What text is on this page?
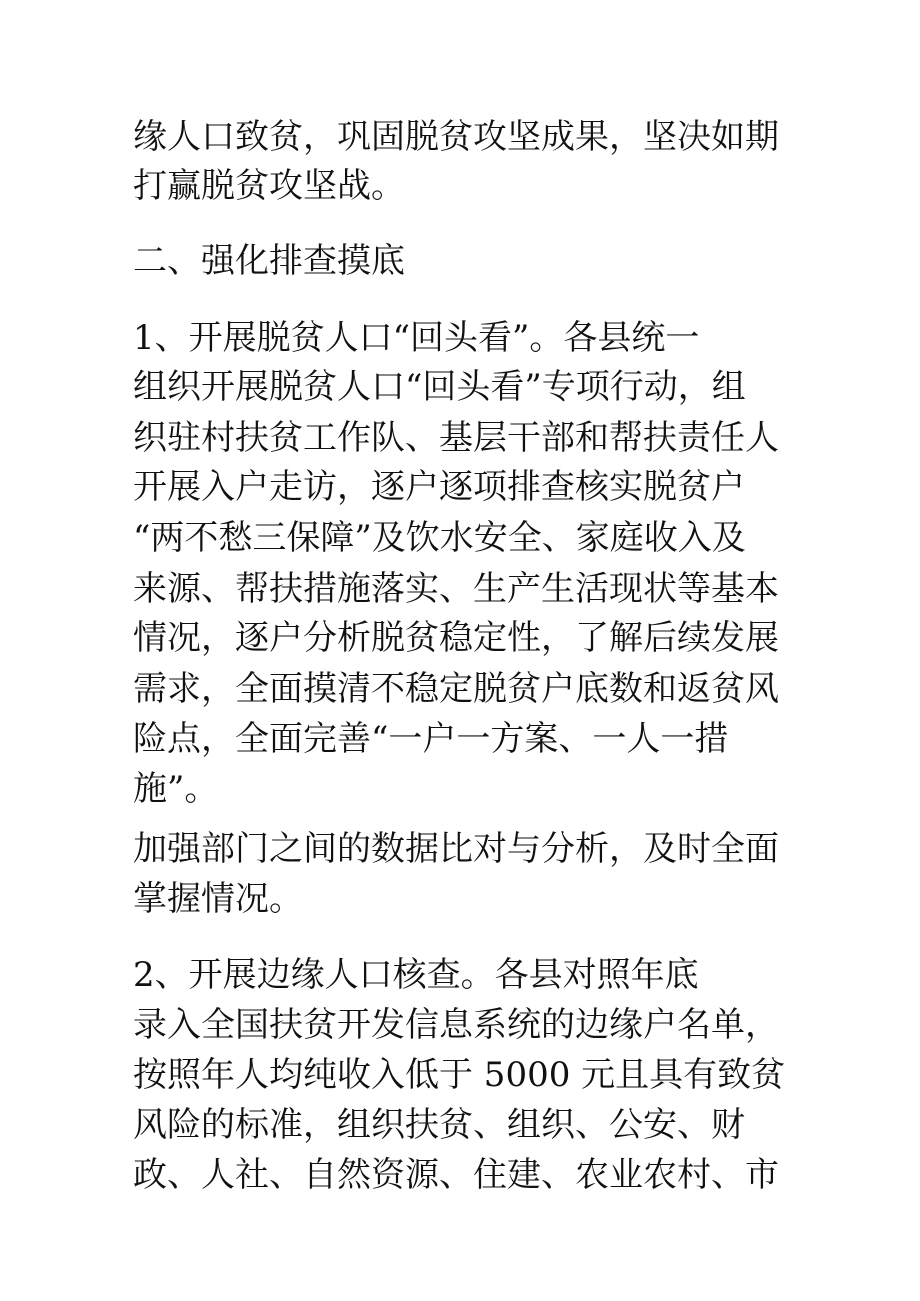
缘人口致贫，巩固脱贫攻坚成果，坚决如期

打赢脱贫攻坚战。

二、强化排查摸底

1、开展脱贫人口“回头看”。各县统一

组织开展脱贫人口“回头看”专项行动，组

织驻村扶贫工作队、基层干部和帮扶责任人

开展入户走访，逐户逐项排查核实脱贫户

“两不愁三保障”及饮水安全、家庭收入及

来源、帮扶措施落实、生产生活现状等基本

情况，逐户分析脱贫稳定性，了解后续发展

需求，全面摸清不稳定脱贫户底数和返贫风

险点，全面完善“一户一方案、一人一措

施”。

加强部门之间的数据比对与分析，及时全面

掌握情况。

2、开展边缘人口核查。各县对照年底

录入全国扶贫开发信息系统的边缘户名单，

按照年人均纯收入低于 5000 元且具有致贫

风险的标准，组织扶贫、组织、公安、财

政、人社、自然资源、住建、农业农村、市
